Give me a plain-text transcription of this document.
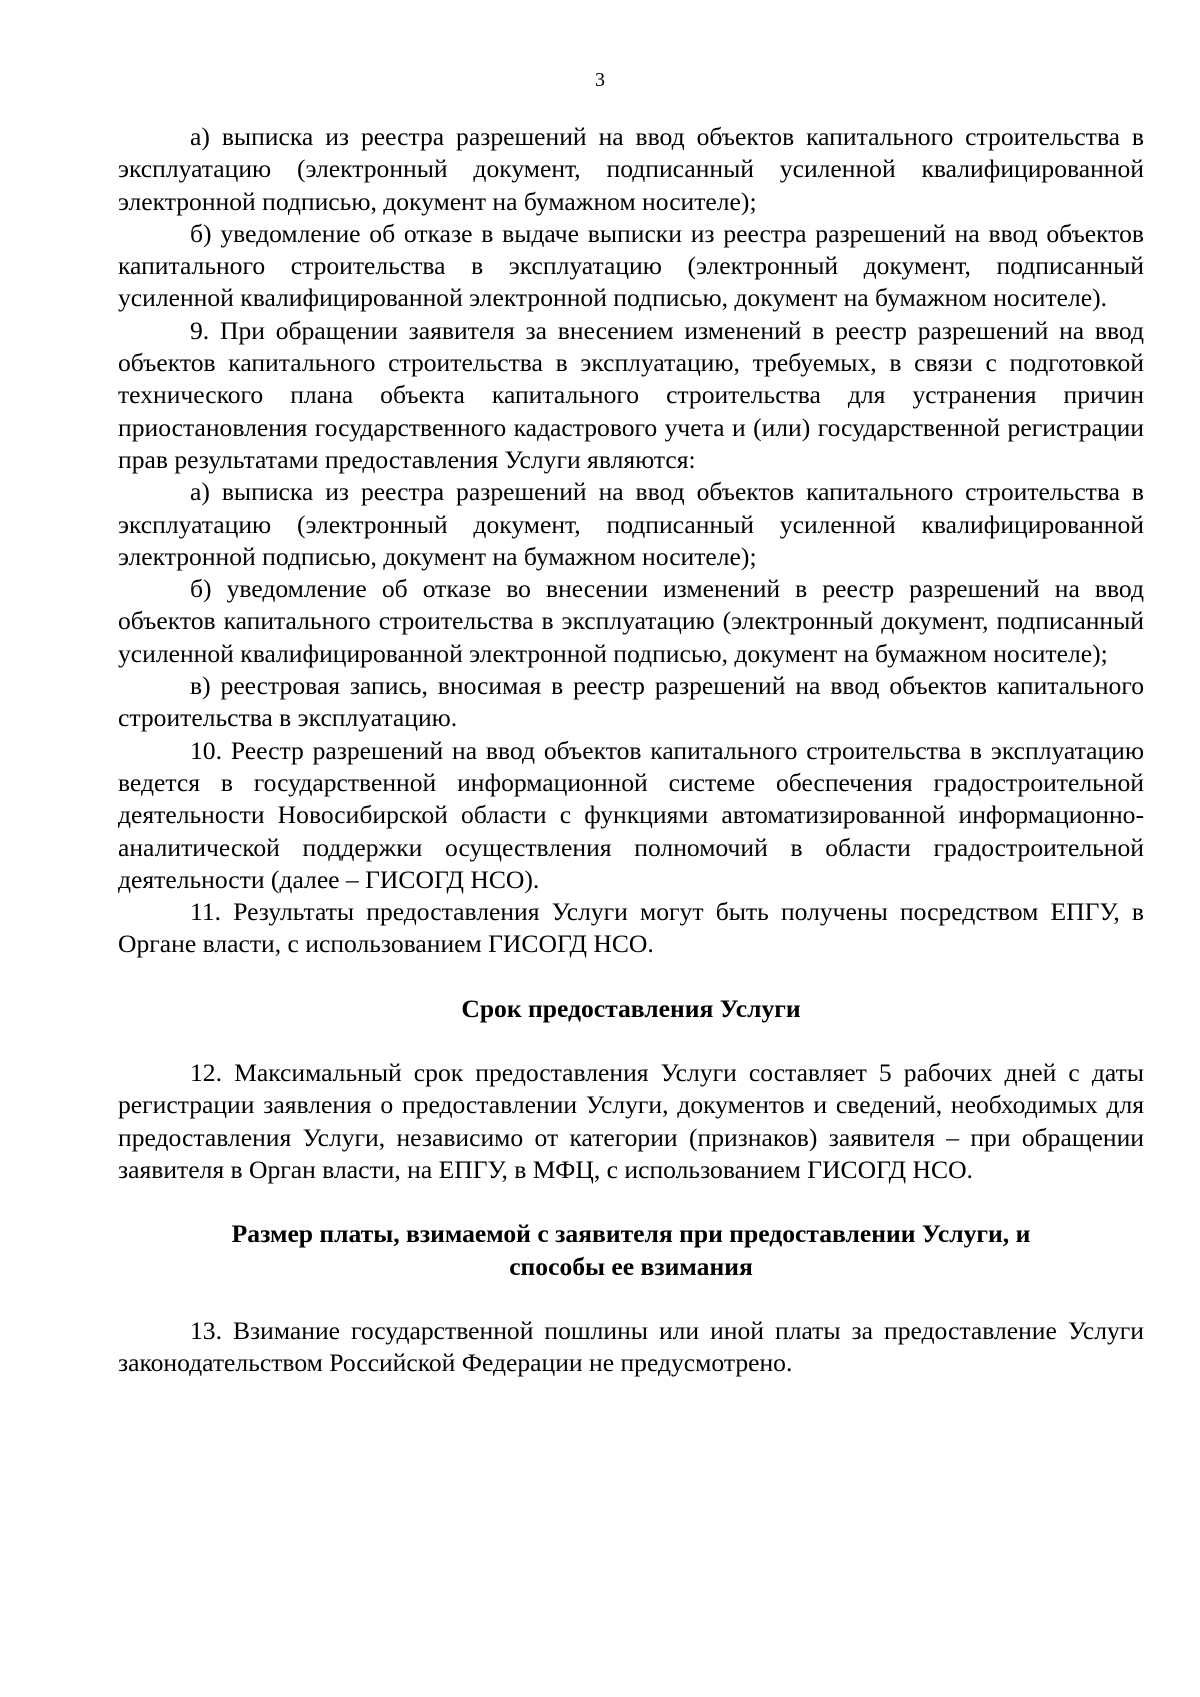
3

а) выписка из реестра разрешений на ввод объектов капитального строительства в эксплуатацию (электронный документ, подписанный усиленной квалифицированной электронной подписью, документ на бумажном носителе);

б) уведомление об отказе в выдаче выписки из реестра разрешений на ввод объектов капитального строительства в эксплуатацию (электронный документ, подписанный усиленной квалифицированной электронной подписью, документ на бумажном носителе).

9. При обращении заявителя за внесением изменений в реестр разрешений на ввод объектов капитального строительства в эксплуатацию, требуемых, в связи с подготовкой технического плана объекта капитального строительства для устранения причин приостановления государственного кадастрового учета и (или) государственной регистрации прав результатами предоставления Услуги являются:

а) выписка из реестра разрешений на ввод объектов капитального строительства в эксплуатацию (электронный документ, подписанный усиленной квалифицированной электронной подписью, документ на бумажном носителе);

б) уведомление об отказе во внесении изменений в реестр разрешений на ввод объектов капитального строительства в эксплуатацию (электронный документ, подписанный усиленной квалифицированной электронной подписью, документ на бумажном носителе);

в) реестровая запись, вносимая в реестр разрешений на ввод объектов капитального строительства в эксплуатацию.

10. Реестр разрешений на ввод объектов капитального строительства в эксплуатацию ведется в государственной информационной системе обеспечения градостроительной деятельности Новосибирской области с функциями автоматизированной информационно-аналитической поддержки осуществления полномочий в области градостроительной деятельности (далее – ГИСОГД НСО).

11. Результаты предоставления Услуги могут быть получены посредством ЕПГУ, в Органе власти, с использованием ГИСОГД НСО.

Срок предоставления Услуги

12. Максимальный срок предоставления Услуги составляет 5 рабочих дней с даты регистрации заявления о предоставлении Услуги, документов и сведений, необходимых для предоставления Услуги, независимо от категории (признаков) заявителя – при обращении заявителя в Орган власти, на ЕПГУ, в МФЦ, с использованием ГИСОГД НСО.

Размер платы, взимаемой с заявителя при предоставлении Услуги, и
способы ее взимания

13. Взимание государственной пошлины или иной платы за предоставление Услуги законодательством Российской Федерации не предусмотрено.
